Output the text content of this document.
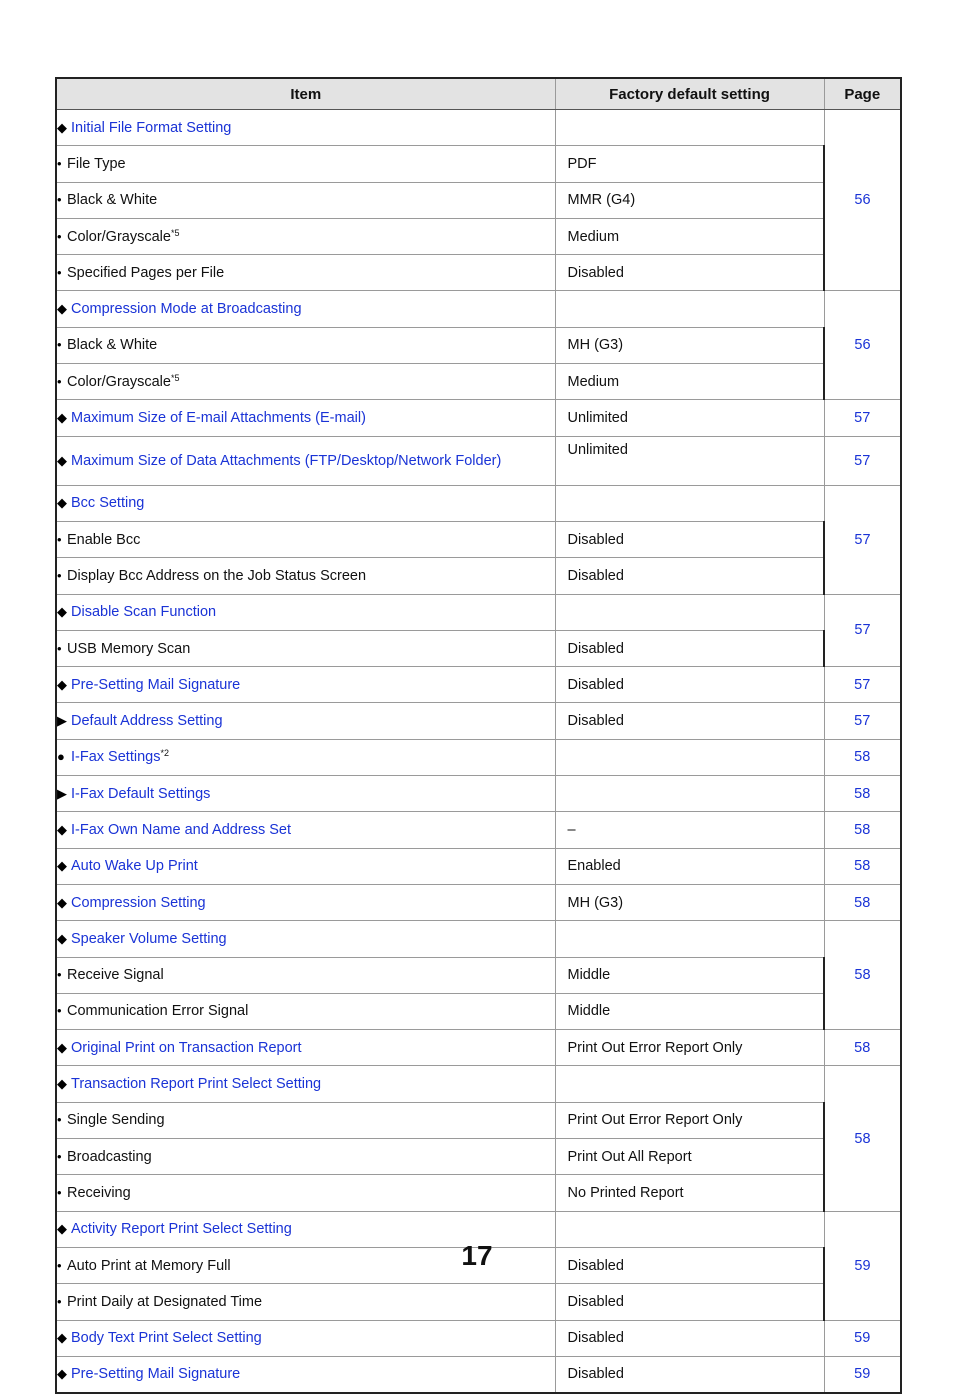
Item	Factory default setting	Page

◆ Initial File Format Setting		56

• File Type	PDF	

• Black & White	MMR (G4)	

• Color/Grayscale$^{*5}$	Medium	

• Specified Pages per File	Disabled	

◆ Compression Mode at Broadcasting		56

• Black & White	MH (G3)	

• Color/Grayscale$^{*5}$	Medium	

◆ Maximum Size of E-mail Attachments (E-mail)	Unlimited	57

◆ Maximum Size of Data Attachments (FTP/Desktop/Network Folder)	Unlimited	57

◆ Bcc Setting		57

• Enable Bcc	Disabled	

• Display Bcc Address on the Job Status Screen	Disabled	

◆ Disable Scan Function		57

• USB Memory Scan	Disabled	

◆ Pre-Setting Mail Signature	Disabled	57

▶ Default Address Setting	Disabled	57

● I-Fax Settings$^{*2}$		58

▶ I-Fax Default Settings		58

◆ I-Fax Own Name and Address Set	–	58

◆ Auto Wake Up Print	Enabled	58

◆ Compression Setting	MH (G3)	58

◆ Speaker Volume Setting		58

• Receive Signal	Middle	

• Communication Error Signal	Middle	

◆ Original Print on Transaction Report	Print Out Error Report Only	58

◆ Transaction Report Print Select Setting		58

• Single Sending	Print Out Error Report Only	

• Broadcasting	Print Out All Report	

• Receiving	No Printed Report	

◆ Activity Report Print Select Setting		59

• Auto Print at Memory Full	Disabled	

• Print Daily at Designated Time	Disabled	

◆ Body Text Print Select Setting	Disabled	59

◆ Pre-Setting Mail Signature	Disabled	59
17
